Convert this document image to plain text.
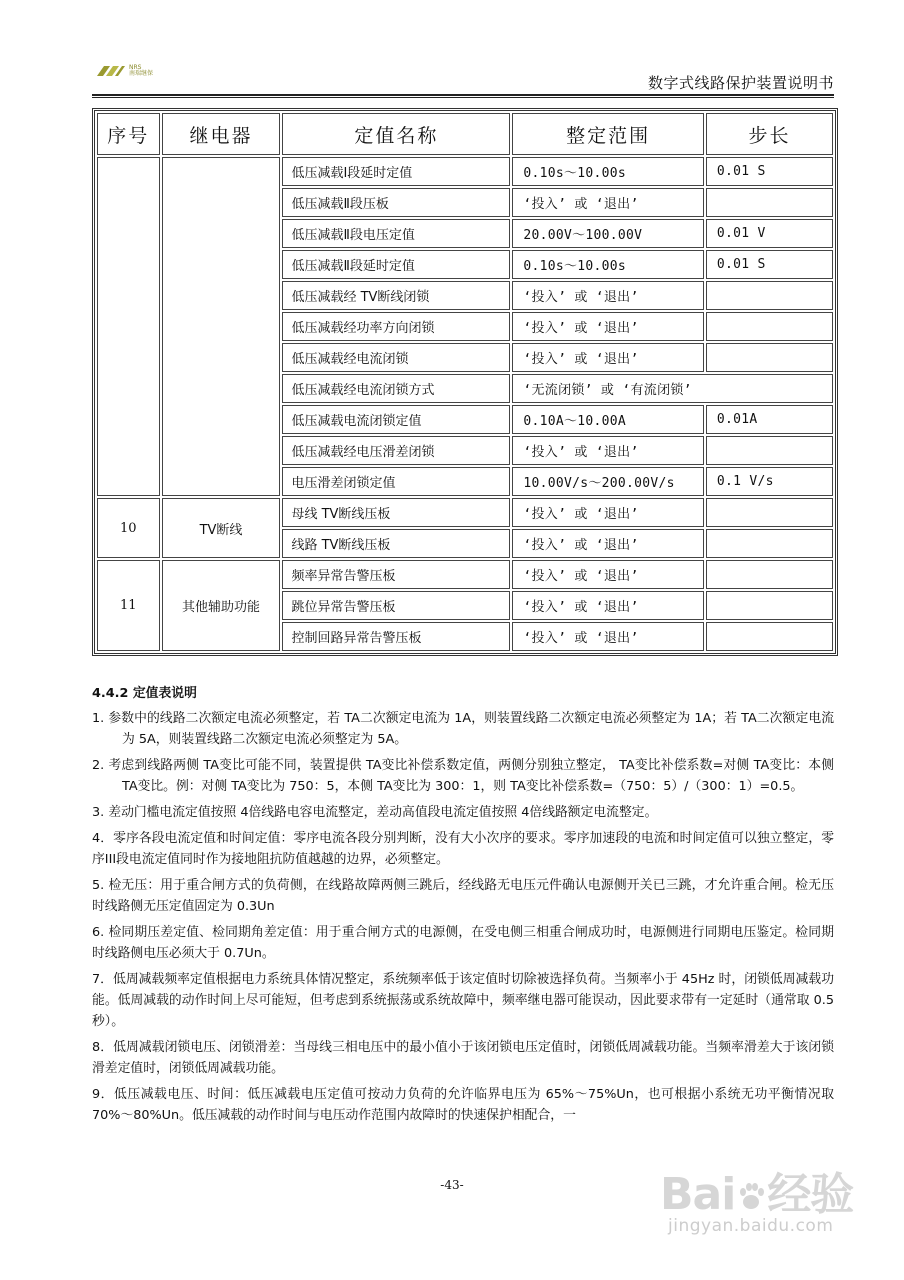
NRS
南瑞继保
数字式线路保护装置说明书
序号	继电器	定值名称	整定范围	步长
		低压减载Ⅰ段延时定值	0.10s～10.00s	0.01 S
		低压减载Ⅱ段压板	‘投入’ 或 ‘退出’	
		低压减载Ⅱ段电压定值	20.00V～100.00V	0.01 V
		低压减载Ⅱ段延时定值	0.10s～10.00s	0.01 S
		低压减载经 TV断线闭锁	‘投入’ 或 ‘退出’	
		低压减载经功率方向闭锁	‘投入’ 或 ‘退出’	
		低压减载经电流闭锁	‘投入’ 或 ‘退出’	
		低压减载经电流闭锁方式	‘无流闭锁’ 或 ‘有流闭锁’	
		低压减载电流闭锁定值	0.10A～10.00A	0.01A
		低压减载经电压滑差闭锁	‘投入’ 或 ‘退出’	
		电压滑差闭锁定值	10.00V/s～200.00V/s	0.1 V/s
10	TV断线	母线 TV断线压板	‘投入’ 或 ‘退出’	
		线路 TV断线压板	‘投入’ 或 ‘退出’	
11	其他辅助功能	频率异常告警压板	‘投入’ 或 ‘退出’	
		跳位异常告警压板	‘投入’ 或 ‘退出’	
		控制回路异常告警压板	‘投入’ 或 ‘退出’	
4.4.2 定值表说明

1. 参数中的线路二次额定电流必须整定，若 TA二次额定电流为 1A，则装置线路二次额定电流必须整定为 1A；若 TA二次额定电流为 5A，则装置线路二次额定电流必须整定为 5A。

2. 考虑到线路两侧 TA变比可能不同，装置提供 TA变比补偿系数定值，两侧分别独立整定， TA变比补偿系数=对侧 TA变比：本侧 TA变比。例：对侧 TA变比为 750：5，本侧 TA变比为 300：1，则 TA变比补偿系数=（750：5）/（300：1）=0.5。

3. 差动门槛电流定值按照 4倍线路电容电流整定，差动高值段电流定值按照 4倍线路额定电流整定。

4．零序各段电流定值和时间定值：零序电流各段分别判断，没有大小次序的要求。零序加速段的电流和时间定值可以独立整定，零序III段电流定值同时作为接地阻抗防值越越的边界，必须整定。

5. 检无压：用于重合闸方式的负荷侧，在线路故障两侧三跳后，经线路无电压元件确认电源侧开关已三跳，才允许重合闸。检无压时线路侧无压定值固定为 0.3Un

6. 检同期压差定值、检同期角差定值：用于重合闸方式的电源侧，在受电侧三相重合闸成功时，电源侧进行同期电压鉴定。检同期时线路侧电压必须大于 0.7Un。

7．低周减载频率定值根据电力系统具体情况整定，系统频率低于该定值时切除被选择负荷。当频率小于 45Hz 时，闭锁低周减载功能。低周减载的动作时间上尽可能短，但考虑到系统振荡或系统故障中，频率继电器可能误动，因此要求带有一定延时（通常取 0.5 秒）。

8．低周减载闭锁电压、闭锁滑差：当母线三相电压中的最小值小于该闭锁电压定值时，闭锁低周减载功能。当频率滑差大于该闭锁滑差定值时，闭锁低周减载功能。

9．低压减载电压、时间：低压减载电压定值可按动力负荷的允许临界电压为 65%～75%Un，也可根据小系统无功平衡情况取 70%～80%Un。低压减载的动作时间与电压动作范围内故障时的快速保护相配合，一

-43-	Bai 经验
jingyan.baidu.com
